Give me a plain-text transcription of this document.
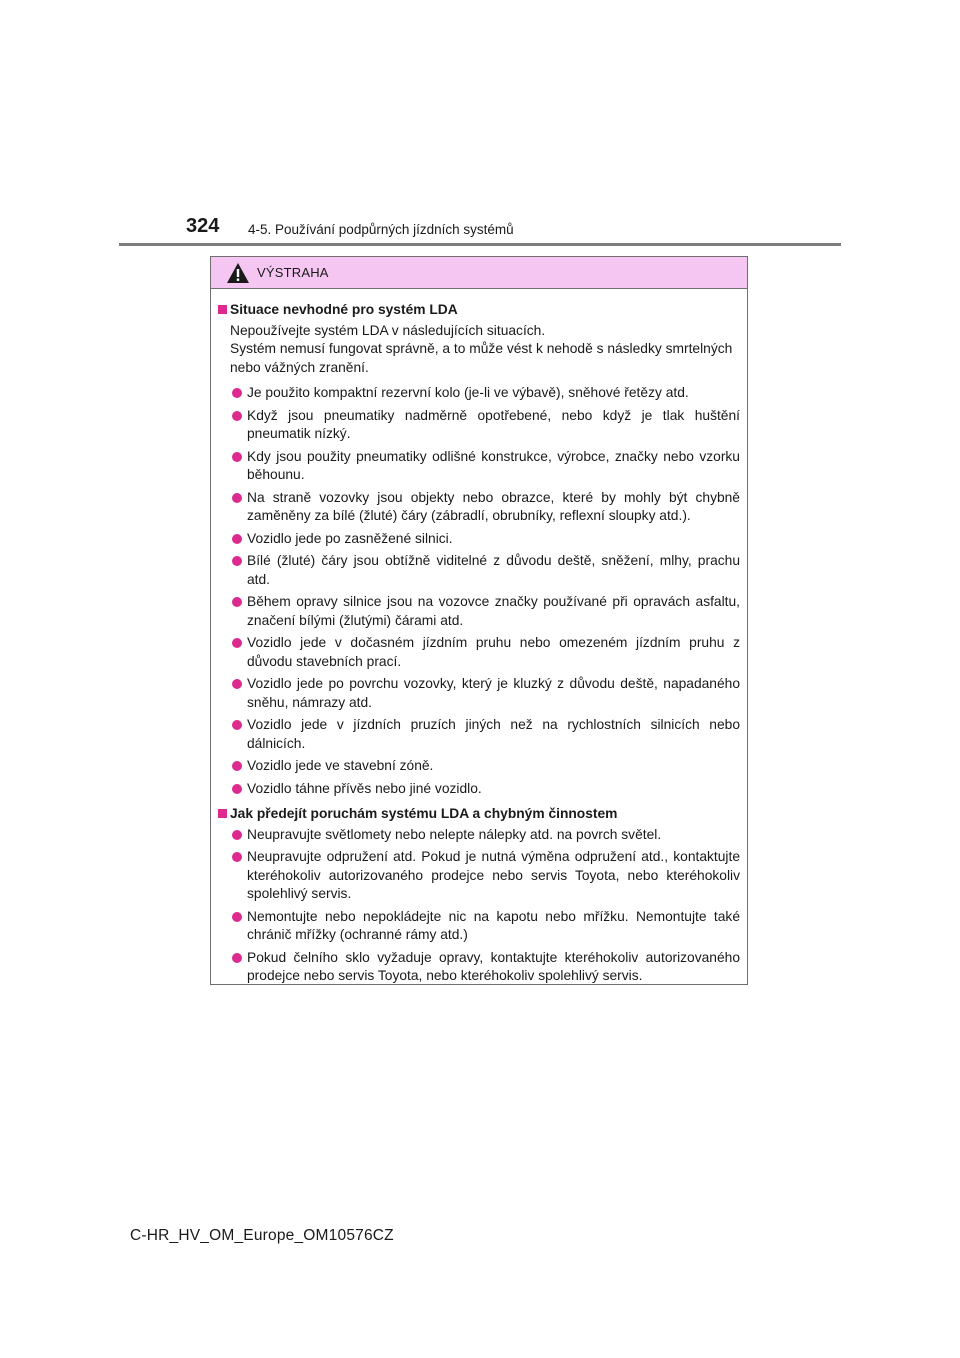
324 4-5. Používání podpůrných jízdních systémů
VÝSTRAHA
Situace nevhodné pro systém LDA

Nepoužívejte systém LDA v následujících situacích.

Systém nemusí fungovat správně, a to může vést k nehodě s následky smrtelných nebo vážných zranění.

Je použito kompaktní rezervní kolo (je-li ve výbavě), sněhové řetězy atd.
Když jsou pneumatiky nadměrně opotřebené, nebo když je tlak huštění pneumatik nízký.
Kdy jsou použity pneumatiky odlišné konstrukce, výrobce, značky nebo vzorku běhounu.
Na straně vozovky jsou objekty nebo obrazce, které by mohly být chybně zaměněny za bílé (žluté) čáry (zábradlí, obrubníky, reflexní sloupky atd.).
Vozidlo jede po zasněžené silnici.
Bílé (žluté) čáry jsou obtížně viditelné z důvodu deště, sněžení, mlhy, prachu atd.
Během opravy silnice jsou na vozovce značky používané při opravách asfaltu, značení bílými (žlutými) čárami atd.
Vozidlo jede v dočasném jízdním pruhu nebo omezeném jízdním pruhu z důvodu stavebních prací.
Vozidlo jede po povrchu vozovky, který je kluzký z důvodu deště, napadaného sněhu, námrazy atd.
Vozidlo jede v jízdních pruzích jiných než na rychlostních silnicích nebo dálnicích.
Vozidlo jede ve stavební zóně.
Vozidlo táhne přívěs nebo jiné vozidlo.
Jak předejít poruchám systému LDA a chybným činnostem
Neupravujte světlomety nebo nelepte nálepky atd. na povrch světel.
Neupravujte odpružení atd. Pokud je nutná výměna odpružení atd., kontaktujte kteréhokoliv autorizovaného prodejce nebo servis Toyota, nebo kteréhokoliv spolehlivý servis.
Nemontujte nebo nepokládejte nic na kapotu nebo mřížku. Nemontujte také chránič mřížky (ochranné rámy atd.)
Pokud čelního sklo vyžaduje opravy, kontaktujte kteréhokoliv autorizovaného prodejce nebo servis Toyota, nebo kteréhokoliv spolehlivý servis.
C-HR_HV_OM_Europe_OM10576CZ
